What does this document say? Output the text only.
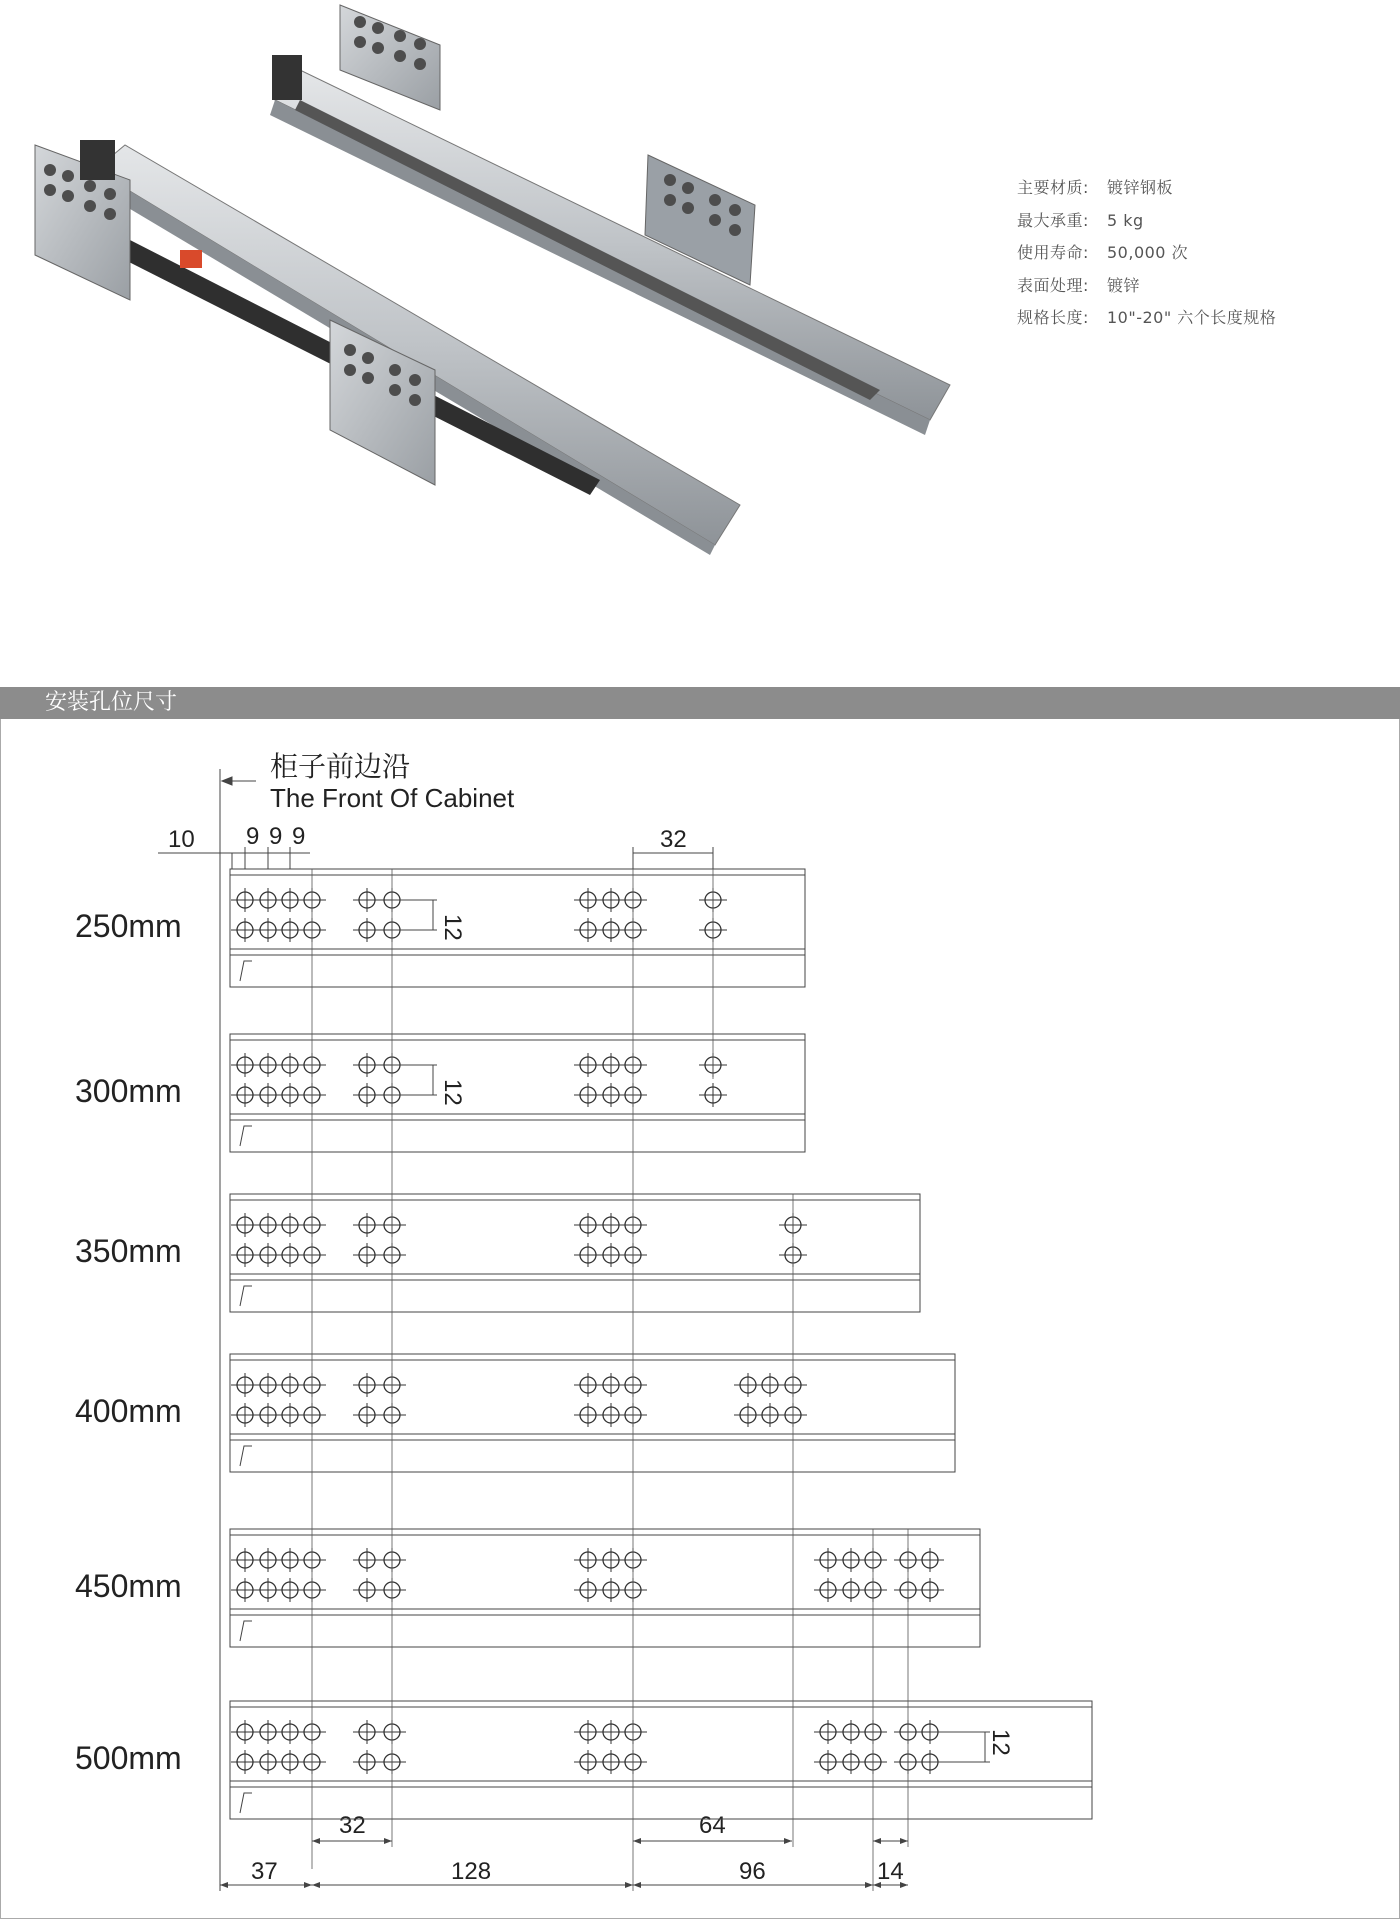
主要材质: 镀锌钢板
最大承重: 5 kg
使用寿命: 50,000 次
表面处理: 镀锌
规格长度: 10"-20" 六个长度规格
安装孔位尺寸
柜子前边沿
The Front Of Cabinet
10 9 9 9	32
250mm
300mm
350mm
400mm
450mm
500mm
12
12
12
32	64
37	128	96	14
